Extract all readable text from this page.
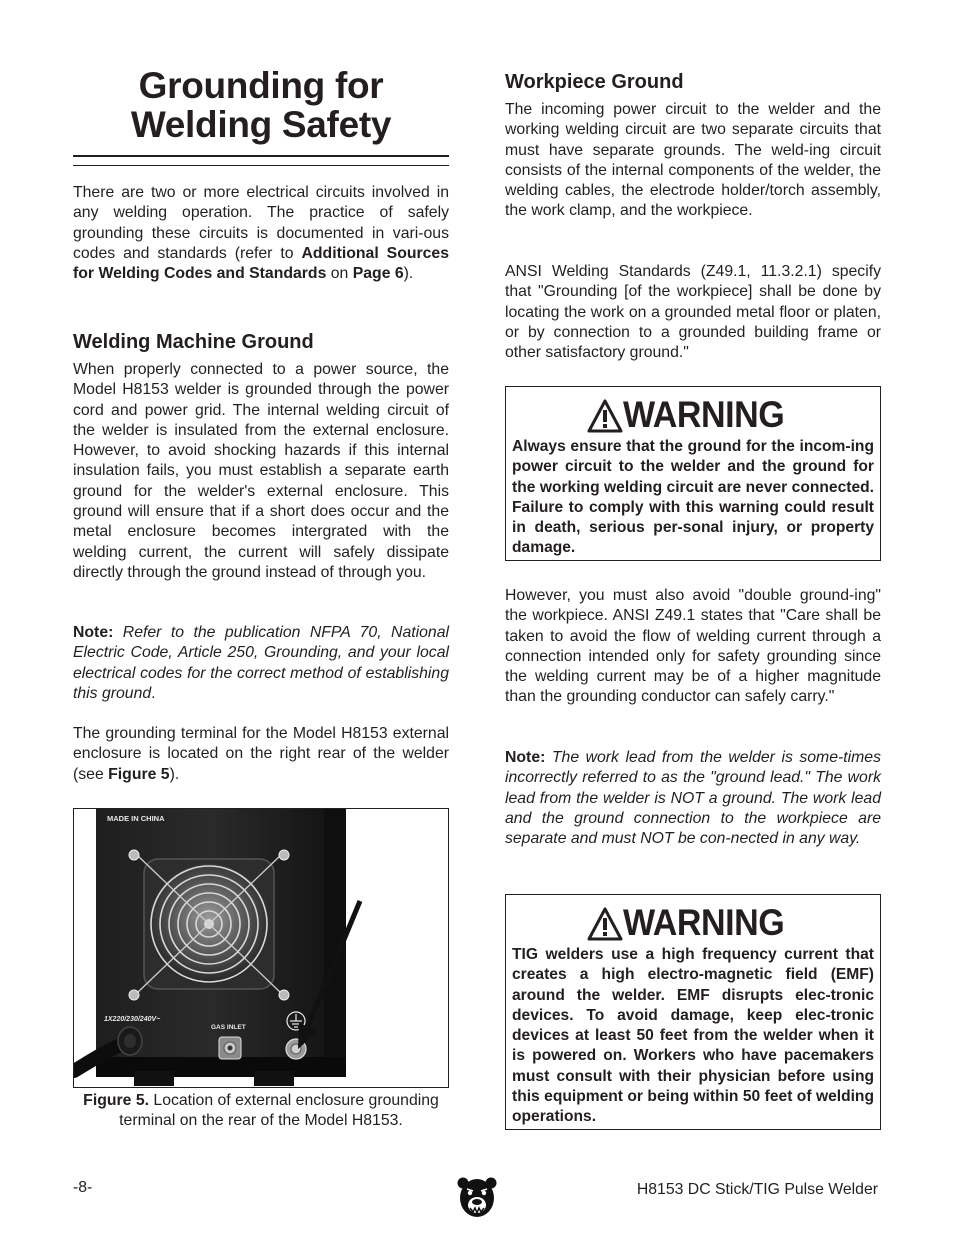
Grounding for
Welding Safety

There are two or more electrical circuits involved in any welding operation. The practice of safely grounding these circuits is documented in vari-ous codes and standards (refer to Additional Sources for Welding Codes and Standards on Page 6).

Welding Machine Ground

When properly connected to a power source, the Model H8153 welder is grounded through the power cord and power grid. The internal welding circuit of the welder is insulated from the external enclosure. However, to avoid shocking hazards if this internal insulation fails, you must establish a separate earth ground for the welder's external enclosure. This ground will ensure that if a short does occur and the metal enclosure becomes intergrated with the welding current, the current will safely dissipate directly through the ground instead of through you.

Note: Refer to the publication NFPA 70, National Electric Code, Article 250, Grounding, and your local electrical codes for the correct method of establishing this ground.

The grounding terminal for the Model H8153 external enclosure is located on the right rear of the welder (see Figure 5).

MADE IN CHINA
1X220/230/240V~
GAS INLET
Figure 5. Location of external enclosure grounding terminal on the rear of the Model H8153.
Workpiece Ground

The incoming power circuit to the welder and the working welding circuit are two separate circuits that must have separate grounds. The weld-ing circuit consists of the internal components of the welder, the welding cables, the electrode holder/torch assembly, the work clamp, and the workpiece.

ANSI Welding Standards (Z49.1, 11.3.2.1) specify that "Grounding [of the workpiece] shall be done by locating the work on a grounded metal floor or platen, or by connection to a grounded building frame or other satisfactory ground."

WARNING
Always ensure that the ground for the incom-ing power circuit to the welder and the ground for the working welding circuit are never connected. Failure to comply with this warning could result in death, serious per-sonal injury, or property damage.

However, you must also avoid "double ground-ing" the workpiece. ANSI Z49.1 states that "Care shall be taken to avoid the flow of welding current through a connection intended only for safety grounding since the welding current may be of a higher magnitude than the grounding conductor can safely carry."

Note: The work lead from the welder is some-times incorrectly referred to as the "ground lead." The work lead from the welder is NOT a ground. The work lead and the ground connection to the workpiece are separate and must NOT be con-nected in any way.

WARNING
TIG welders use a high frequency current that creates a high electro-magnetic field (EMF) around the welder. EMF disrupts elec-tronic devices. To avoid damage, keep elec-tronic devices at least 50 feet from the welder when it is powered on. Workers who have pacemakers must consult with their physician before using this equipment or being within 50 feet of welding operations.
-8-	H8153 DC Stick/TIG Pulse Welder
